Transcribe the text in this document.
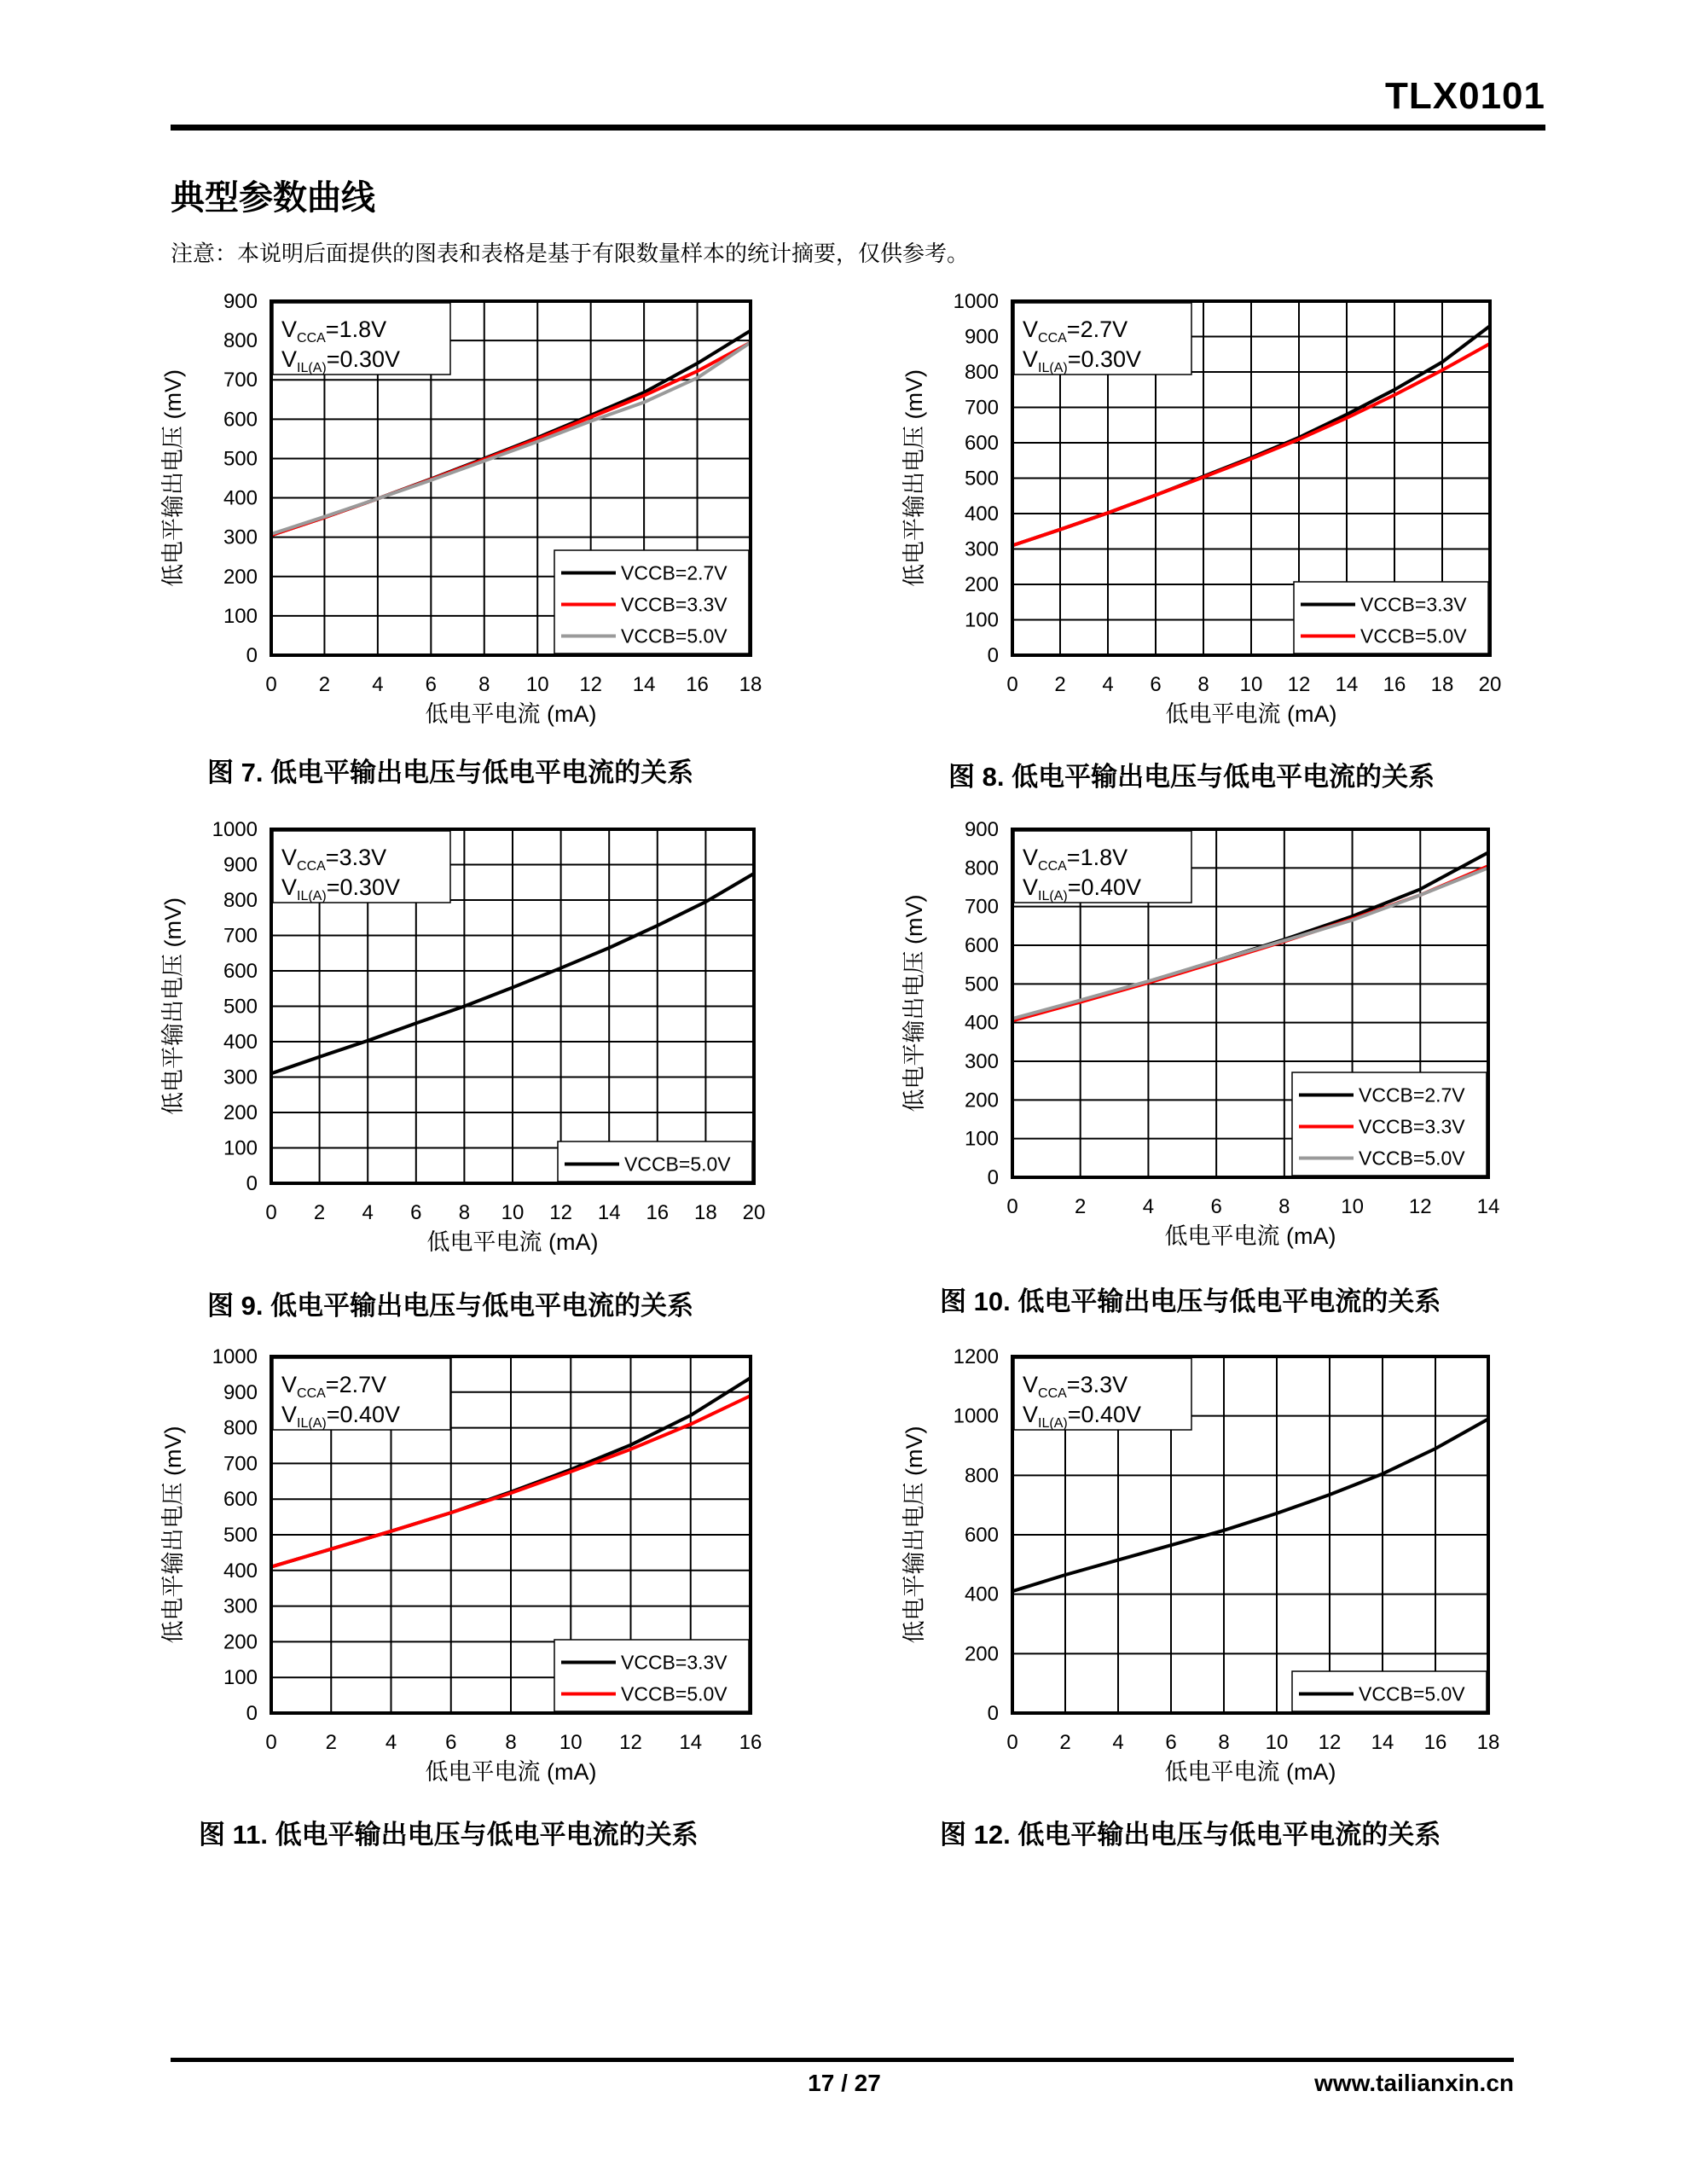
TLX0101
典型参数曲线
注意：本说明后面提供的图表和表格是基于有限数量样本的统计摘要，仅供参考。
0 2 4 6 8 10 12 14 16 18
0
100
200
300
400
500
600
700
800
900
低电平电流 (mA)
低电平输出电压 (mV)
$V_{CCA}=1.8V$
$V_{IL(A)}=0.30V$
VCCB=2.7V
VCCB=3.3V
VCCB=5.0V
0 2 4 6 8 10 12 14 16 18 20
0
100
200
300
400
500
600
700
800
900
1000
低电平电流 (mA)
低电平输出电压 (mV)
$V_{CCA}=2.7V$
$V_{IL(A)}=0.30V$
VCCB=3.3V
VCCB=5.0V
0 2 4 6 8 10 12 14 16 18 20
0
100
200
300
400
500
600
700
800
900
1000
低电平电流 (mA)
低电平输出电压 (mV)
$V_{CCA}=3.3V$
$V_{IL(A)}=0.30V$
VCCB=5.0V
0	2	4	6	8 10 12 14
0
100
200
300
400
500
600
700
800
900
低电平电流 (mA)
低电平输出电压 (mV)
$V_{CCA}=1.8V$
$V_{IL(A)}=0.40V$
VCCB=2.7V
VCCB=3.3V
VCCB=5.0V
0 2 4 6 8 10 12 14 16
0
100
200
300
400
500
600
700
800
900
1000
低电平电流 (mA)
低电平输出电压 (mV)
$V_{CCA}=2.7V$
$V_{IL(A)}=0.40V$
VCCB=3.3V
VCCB=5.0V
0 2 4 6 8 10 12 14 16 18
0
200
400
600
800
1000
1200
低电平电流 (mA)
低电平输出电压 (mV)
$V_{CCA}=3.3V$
$V_{IL(A)}=0.40V$
VCCB=5.0V
图 7. 低电平输出电压与低电平电流的关系	图 8. 低电平输出电压与低电平电流的关系
图 9. 低电平输出电压与低电平电流的关系	图 10. 低电平输出电压与低电平电流的关系
图 11. 低电平输出电压与低电平电流的关系	图 12. 低电平输出电压与低电平电流的关系
17 / 27	www.tailianxin.cn
